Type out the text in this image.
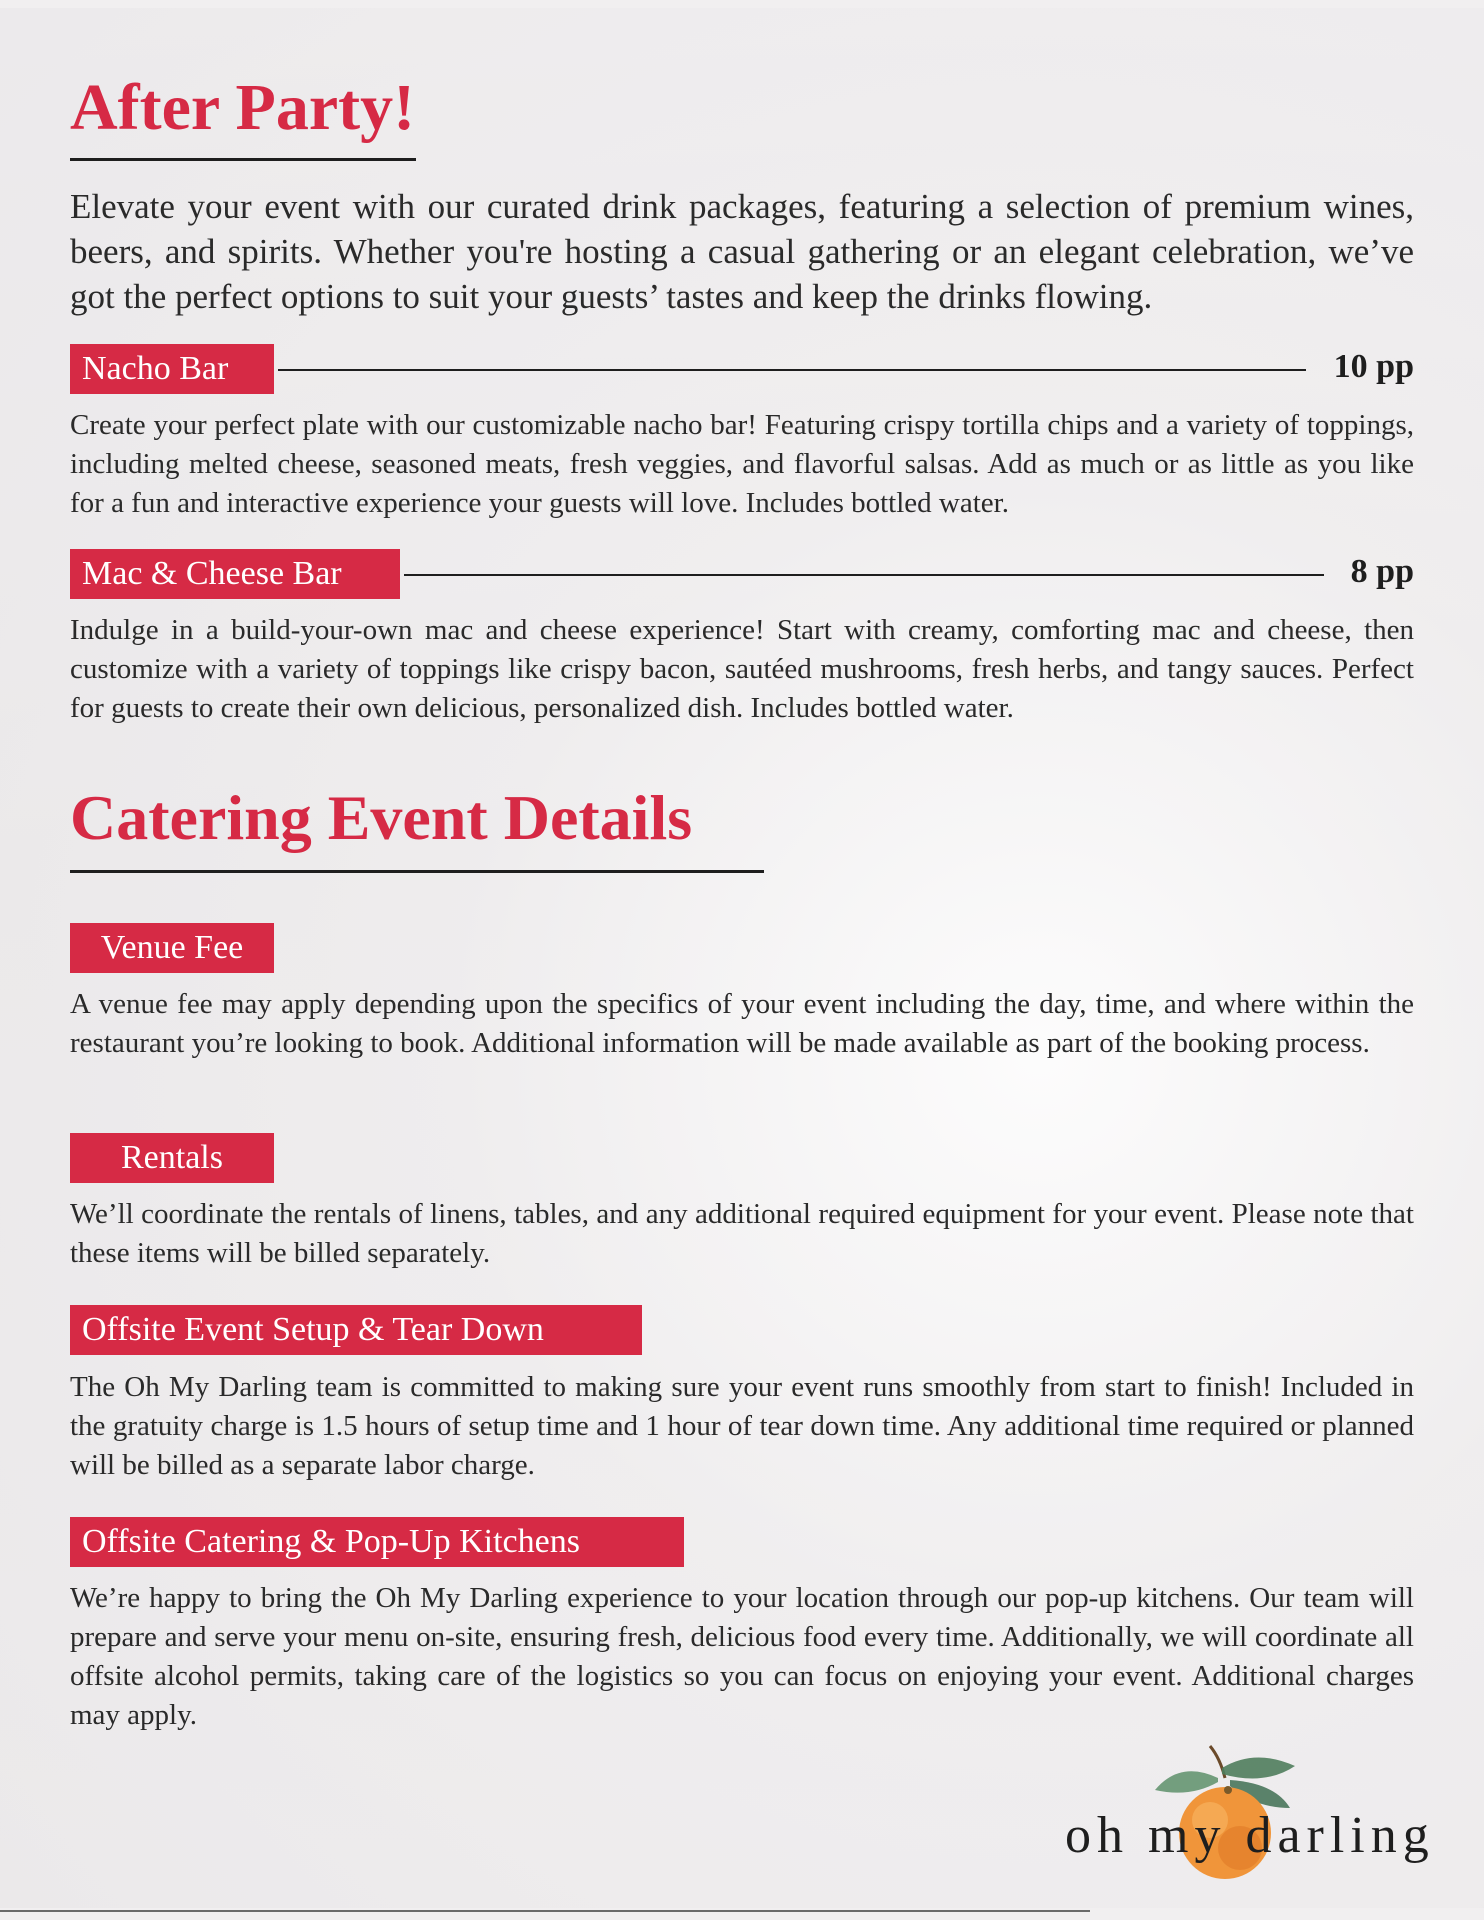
After Party!
Elevate your event with our curated drink packages, featuring a selection of premium wines, beers, and spirits. Whether you're hosting a casual gathering or an elegant celebration, we’ve got the perfect options to suit your guests’ tastes and keep the drinks flowing.
Nacho Bar	10 pp
Create your perfect plate with our customizable nacho bar! Featuring crispy tortilla chips and a variety of toppings, including melted cheese, seasoned meats, fresh veggies, and flavorful salsas. Add as much or as little as you like for a fun and interactive experience your guests will love. Includes bottled water.
Mac & Cheese Bar	8 pp
Indulge in a build-your-own mac and cheese experience! Start with creamy, comforting mac and cheese, then customize with a variety of toppings like crispy bacon, sautéed mushrooms, fresh herbs, and tangy sauces. Perfect for guests to create their own delicious, personalized dish. Includes bottled water.
Catering Event Details
Venue Fee
A venue fee may apply depending upon the specifics of your event including the day, time, and where within the restaurant you’re looking to book. Additional information will be made available as part of the booking process.
Rentals
We’ll coordinate the rentals of linens, tables, and any additional required equipment for your event. Please note that these items will be billed separately.
Offsite Event Setup & Tear Down
The Oh My Darling team is committed to making sure your event runs smoothly from start to finish! Included in the gratuity charge is 1.5 hours of setup time and 1 hour of tear down time. Any additional time required or planned will be billed as a separate labor charge.
Offsite Catering & Pop-Up Kitchens
We’re happy to bring the Oh My Darling experience to your location through our pop-up kitchens. Our team will prepare and serve your menu on-site, ensuring fresh, delicious food every time. Additionally, we will coordinate all offsite alcohol permits, taking care of the logistics so you can focus on enjoying your event. Additional charges may apply.
oh my darling
